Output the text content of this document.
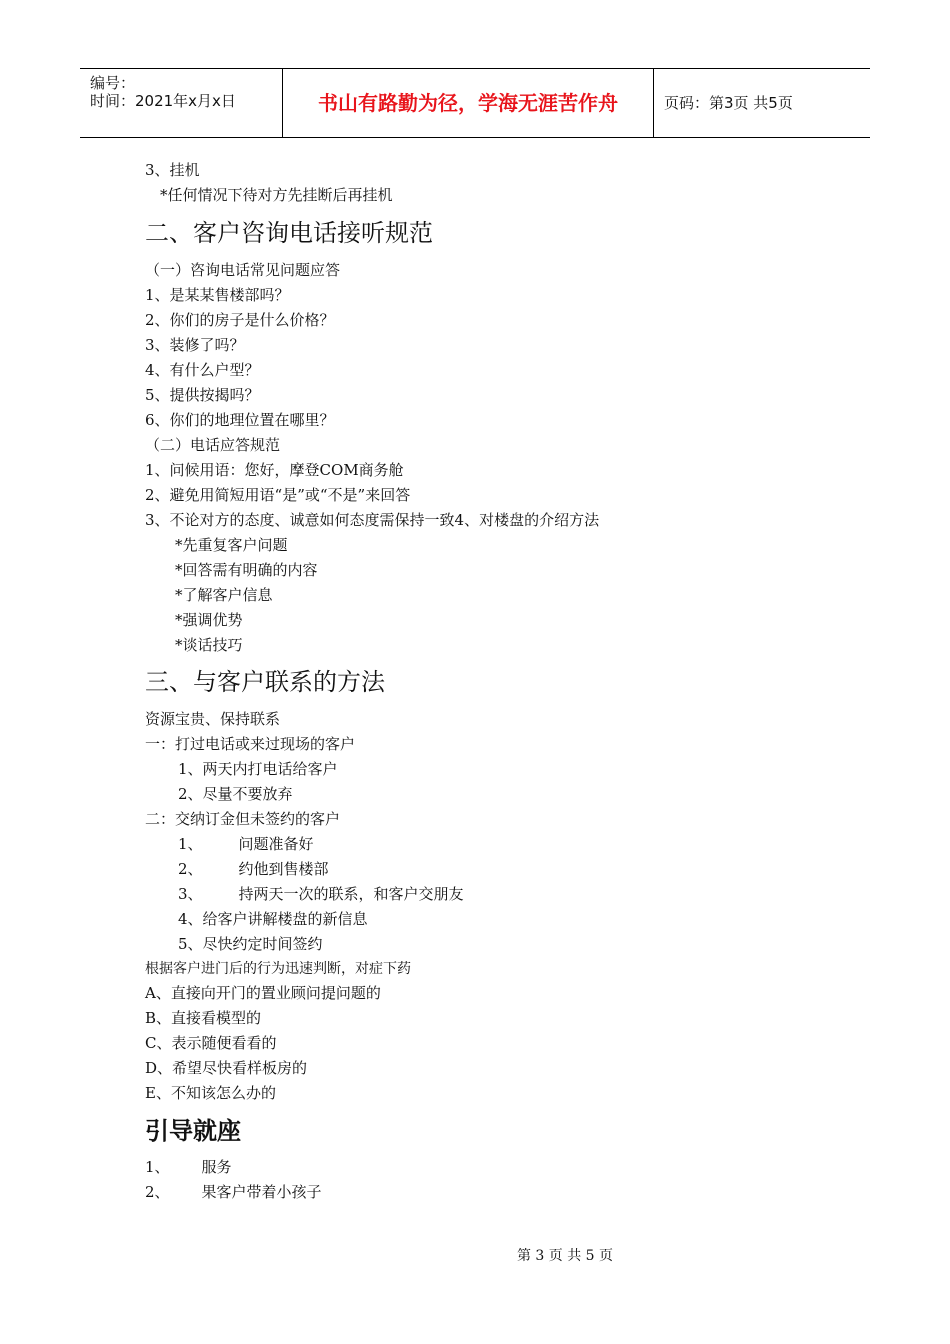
编号：
时间：2021年x月x日	书山有路勤为径，学海无涯苦作舟	页码：第3页 共5页
3、挂机
*任何情况下待对方先挂断后再挂机
二、客户咨询电话接听规范
（一）咨询电话常见问题应答
1、是某某售楼部吗？
2、你们的房子是什么价格？
3、装修了吗？
4、有什么户型？
5、提供按揭吗？
6、你们的地理位置在哪里？
（二）电话应答规范
1、问候用语：您好，摩登COM商务舱
2、避免用简短用语“是”或“不是”来回答
3、不论对方的态度、诚意如何态度需保持一致4、对楼盘的介绍方法
*先重复客户问题
*回答需有明确的内容
*了解客户信息
*强调优势
*谈话技巧
三、与客户联系的方法
资源宝贵、保持联系
一：打过电话或来过现场的客户
1、两天内打电话给客户
2、尽量不要放弃
二：交纳订金但未签约的客户
1、 问题准备好
2、 约他到售楼部
3、 持两天一次的联系，和客户交朋友
4、给客户讲解楼盘的新信息
5、尽快约定时间签约
根据客户进门后的行为迅速判断，对症下药
A、直接向开门的置业顾问提问题的
B、直接看模型的
C、表示随便看看的
D、希望尽快看样板房的
E、不知该怎么办的
引导就座
1、 服务
2、 果客户带着小孩子
第 3 页 共 5 页
